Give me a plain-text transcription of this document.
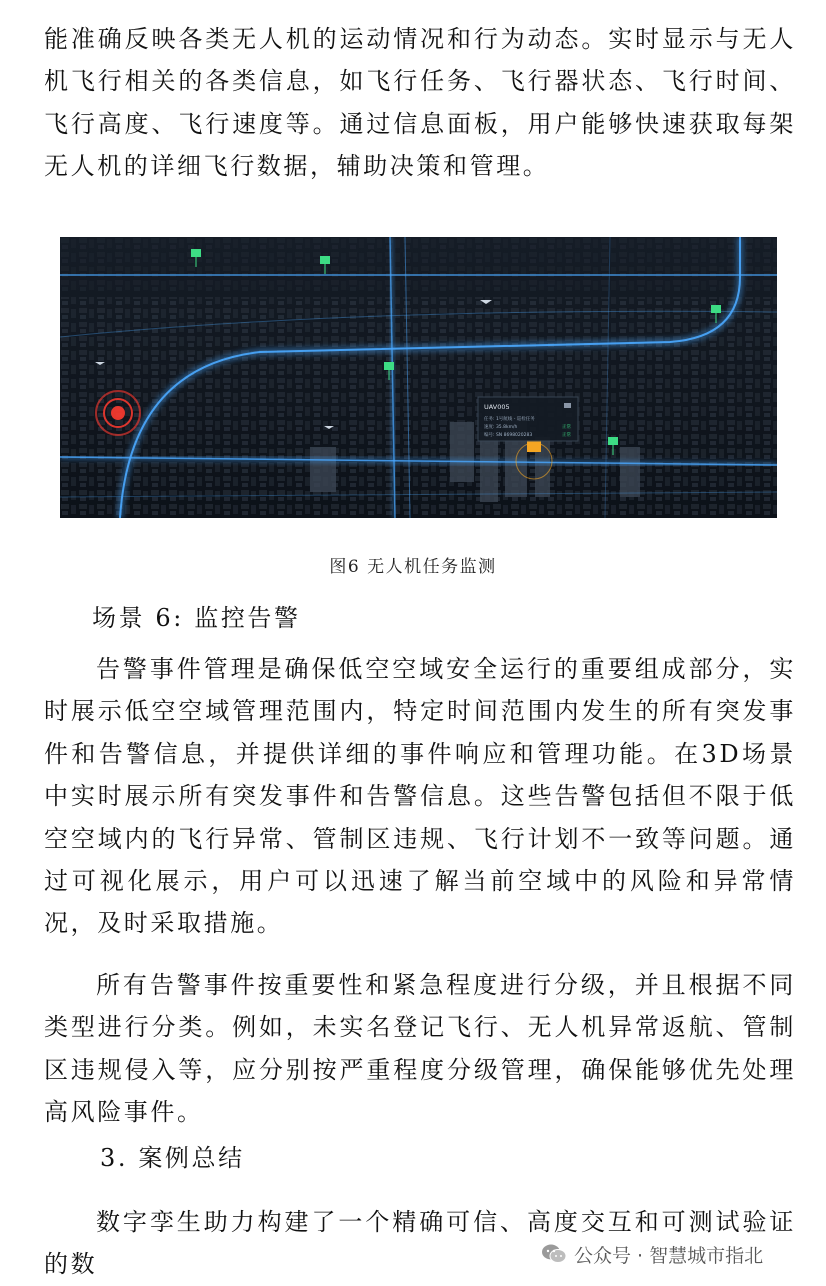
能准确反映各类无人机的运动情况和行为动态。实时显示与无人机飞行相关的各类信息，如飞行任务、飞行器状态、飞行时间、飞行高度、飞行速度等。通过信息面板，用户能够快速获取每架无人机的详细飞行数据，辅助决策和管理。

UAV005
任务: 1号航线 - 巡检任务
速度: 35.8km/h
编号: SN 8698020283
正常
正常

图6 无人机任务监测

场景 6: 监控告警

告警事件管理是确保低空空域安全运行的重要组成部分，实时展示低空空域管理范围内，特定时间范围内发生的所有突发事件和告警信息，并提供详细的事件响应和管理功能。在3D场景中实时展示所有突发事件和告警信息。这些告警包括但不限于低空空域内的飞行异常、管制区违规、飞行计划不一致等问题。通过可视化展示，用户可以迅速了解当前空域中的风险和异常情况，及时采取措施。

所有告警事件按重要性和紧急程度进行分级，并且根据不同类型进行分类。例如，未实名登记飞行、无人机异常返航、管制区违规侵入等，应分别按严重程度分级管理，确保能够优先处理高风险事件。

3. 案例总结

数字孪生助力构建了一个精确可信、高度交互和可测试验证的数	公众号 · 智慧城市指北
